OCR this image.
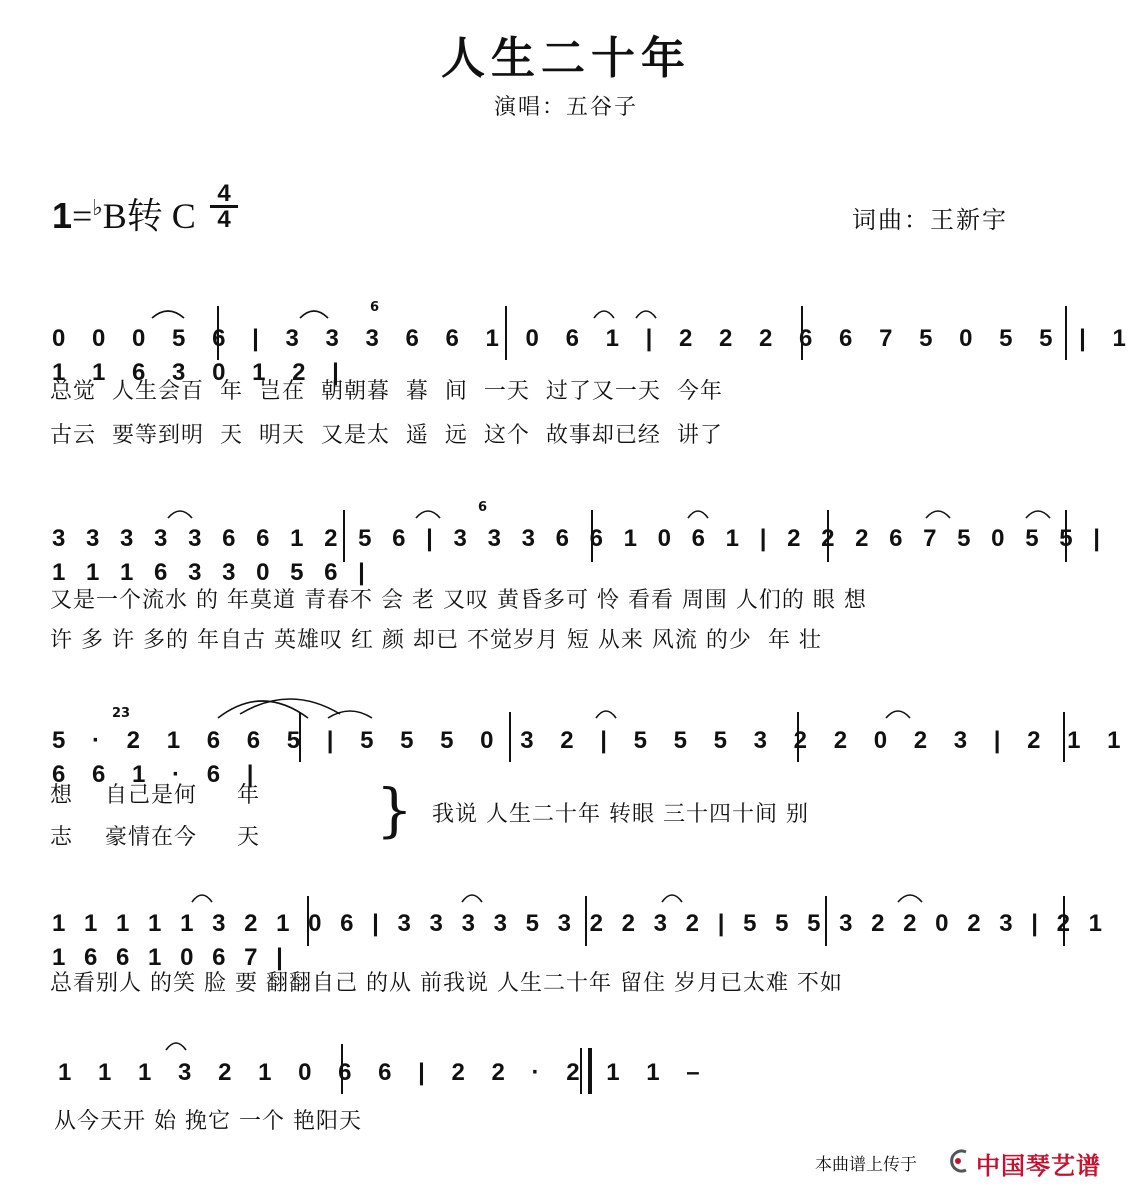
人生二十年
演唱：五谷子
1=♭B转 C
4
4	词曲：王新宇
0 0 0 5 6 | 3 3 3 6 6 1 0 6 1 | 2 2 2 6 6 7 5 0 5 5 | 1 1 1 6 3 0 1 2 |
总觉  人生会百  年  岂在  朝朝暮  暮  间  一天  过了又一天  今年
古云  要等到明  天  明天  又是太  遥  远  这个  故事却已经  讲了
3 3 3 3 3 6 6 1 2 5 6 | 3 3 3 6 6 1 0 6 1 | 2 2 2 6 7 5 0 5 5 | 1 1 1 6 3 3 0 5 6 |
又是一个流水 的 年莫道 青春不 会 老 又叹 黄昏多可 怜 看看 周围 人们的 眼 想
许 多 许 多的 年自古 英雄叹 红 颜 却已 不觉岁月 短 从来 风流 的少  年 壮
5 · 2 1 6 6 5 | 5 5 5 0 3 2 | 5 5 5 3 2 2 0 2 3 | 2 1 1 6 6 1 · 6 |
想    自己是何     年
志    豪情在今     天 } 我说 人生二十年 转眼 三十四十间 别
1 1 1 1 1 3 2 1 0 6 | 3 3 3 3 5 3 2 2 3 2 | 5 5 5 3 2 2 0 2 3 | 2 1 1 6 6 1 0 6 7 |
总看别人 的笑 脸 要 翻翻自己 的从 前我说 人生二十年 留住 岁月已太难 不如
1 1 1 3 2 1 0 6 6 | 2 2 · 2 1 1 –
从今天开 始 挽它 一个 艳阳天
6
6
23
本曲谱上传于 中国琴艺谱
